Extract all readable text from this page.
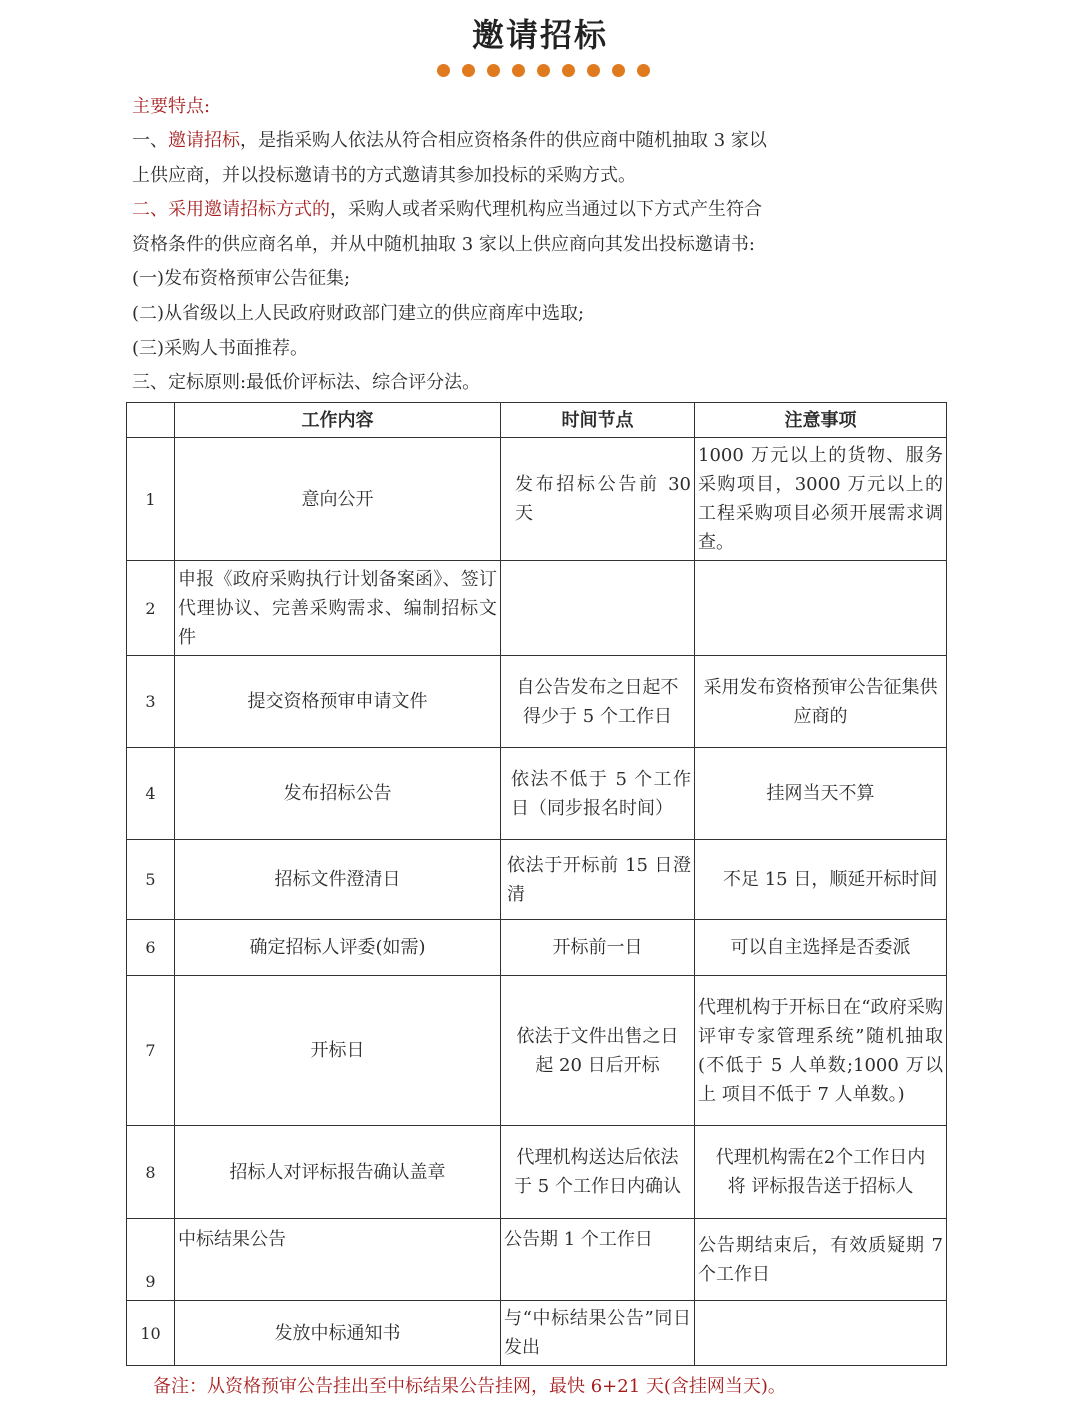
邀请招标
主要特点:
一、邀请招标，是指采购人依法从符合相应资格条件的供应商中随机抽取 3 家以
上供应商，并以投标邀请书的方式邀请其参加投标的采购方式。
二、采用邀请招标方式的，采购人或者采购代理机构应当通过以下方式产生符合
资格条件的供应商名单，并从中随机抽取 3 家以上供应商向其发出投标邀请书:
(一)发布资格预审公告征集;
(二)从省级以上人民政府财政部门建立的供应商库中选取;
(三)采购人书面推荐。
三、定标原则:最低价评标法、综合评分法。
	工作内容	时间节点	注意事项
1	意向公开	发布招标公告前 30 天	1000 万元以上的货物、服务采购项目，3000 万元以上的工程采购项目必须开展需求调查。
2	申报《政府采购执行计划备案函》、签订 代理协议、完善采购需求、编制招标文件		
3	提交资格预审申请文件	自公告发布之日起不 得少于 5 个工作日	采用发布资格预审公告征集供 应商的
4	发布招标公告	依法不低于 5 个工作日（同步报名时间）	挂网当天不算
5	招标文件澄清日	依法于开标前 15 日澄清	不足 15 日，顺延开标时间
6	确定招标人评委(如需)	开标前一日	可以自主选择是否委派
7	开标日	依法于文件出售之日 起 20 日后开标	代理机构于开标日在“政府采购 评审专家管理系统”随机抽取(不低于 5 人单数;1000 万以上 项目不低于 7 人单数。)
8	招标人对评标报告确认盖章	代理机构送达后依法 于 5 个工作日内确认	代理机构需在2个工作日内将 评标报告送于招标人
9	中标结果公告	公告期 1 个工作日	公告期结束后，有效质疑期 7 个工作日
10	发放中标通知书	与“中标结果公告”同日 发出	
备注：从资格预审公告挂出至中标结果公告挂网，最快 6+21 天(含挂网当天)。
